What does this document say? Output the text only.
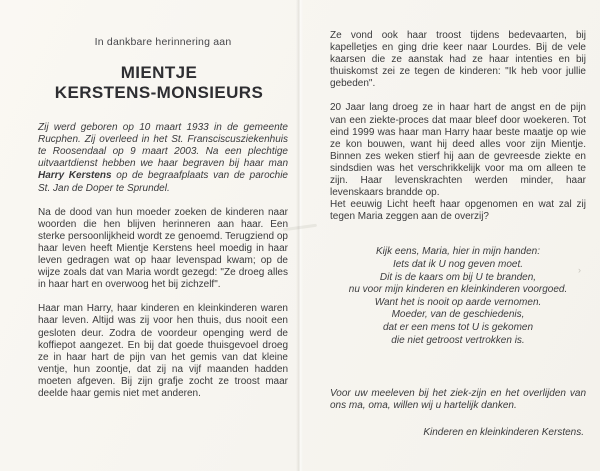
In dankbare herinnering aan
MIENTJE
KERSTENS-MONSIEURS

Zij werd geboren op 10 maart 1933 in de gemeente Rucphen. Zij overleed in het St. Fransciscusziekenhuis te Roosendaal op 9 maart 2003. Na een plechtige uitvaartdienst hebben we haar begraven bij haar man Harry Kerstens op de begraafplaats van de parochie St. Jan de Doper te Sprundel.

Na de dood van hun moeder zoeken de kinderen naar woorden die hen blijven herinneren aan haar. Een sterke persoonlijkheid wordt ze genoemd. Terugziend op haar leven heeft Mientje Kerstens heel moedig in haar leven gedragen wat op haar levenspad kwam; op de wijze zoals dat van Maria wordt gezegd: "Ze droeg alles in haar hart en overwoog het bij zichzelf".

Haar man Harry, haar kinderen en kleinkinderen waren haar leven. Altijd was zij voor hen thuis, dus nooit een gesloten deur. Zodra de voordeur openging werd de koffiepot aangezet. En bij dat goede thuisgevoel droeg ze in haar hart de pijn van het gemis van dat kleine ventje, hun zoontje, dat zij na vijf maanden hadden moeten afgeven. Bij zijn grafje zocht ze troost maar deelde haar gemis niet met anderen.

›

Ze vond ook haar troost tijdens bedevaarten, bij kapelletjes en ging drie keer naar Lourdes. Bij de vele kaarsen die ze aanstak had ze haar intenties en bij thuiskomst zei ze tegen de kinderen: "Ik heb voor jullie gebeden".

20 Jaar lang droeg ze in haar hart de angst en de pijn van een ziekte-proces dat maar bleef door woekeren. Tot eind 1999 was haar man Harry haar beste maatje op wie ze kon bouwen, want hij deed alles voor zijn Mientje. Binnen zes weken stierf hij aan de gevreesde ziekte en sindsdien was het verschrikkelijk voor ma om alleen te zijn. Haar levenskrachten werden minder, haar levenskaars brandde op.

Het eeuwig Licht heeft haar opgenomen en wat zal zij tegen Maria zeggen aan de overzij?

Kijk eens, Maria, hier in mijn handen:
Iets dat ik U nog geven moet.
Dit is de kaars om bij U te branden,
nu voor mijn kinderen en kleinkinderen voorgoed.
Want het is nooit op aarde vernomen.
Moeder, van de geschiedenis,
dat er een mens tot U is gekomen
die niet getroost vertrokken is.

Voor uw meeleven bij het ziek-zijn en het overlijden van ons ma, oma, willen wij u hartelijk danken.

Kinderen en kleinkinderen Kerstens.
